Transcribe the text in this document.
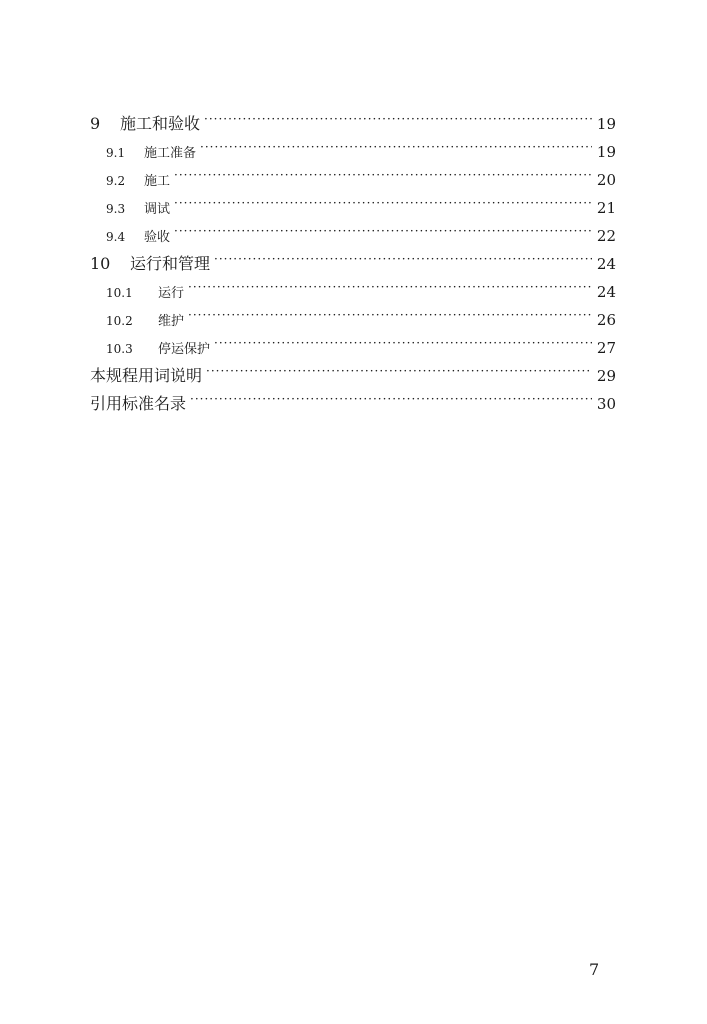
9	施工和验收 ·····	19
9.1	施工准备 ·····	19
9.2	施工 ·····	20
9.3	调试 ·····	21
9.4	验收 ·····	22
10	运行和管理 ·····	24
10.1	运行 ·····	24
10.2	维护 ·····	26
10.3	停运保护 ·····	27
本规程用词说明 ·····	29
引用标准名录 ·····	30
7
